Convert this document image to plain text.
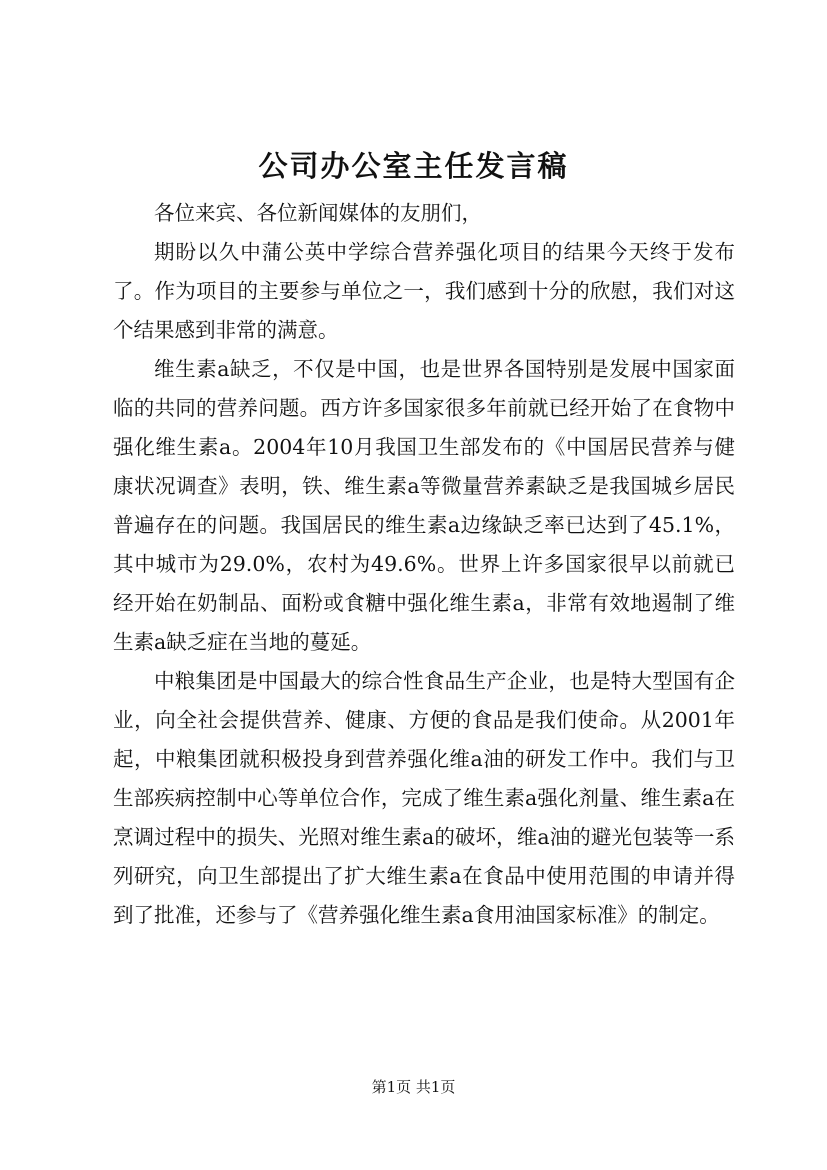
公司办公室主任发言稿

各位来宾、各位新闻媒体的友朋们，

期盼以久中蒲公英中学综合营养强化项目的结果今天终于发布了。作为项目的主要参与单位之一，我们感到十分的欣慰，我们对这个结果感到非常的满意。

维生素a缺乏，不仅是中国，也是世界各国特别是发展中国家面临的共同的营养问题。西方许多国家很多年前就已经开始了在食物中强化维生素a。2004年10月我国卫生部发布的《中国居民营养与健康状况调查》表明，铁、维生素a等微量营养素缺乏是我国城乡居民普遍存在的问题。我国居民的维生素a边缘缺乏率已达到了45.1%，其中城市为29.0%，农村为49.6%。世界上许多国家很早以前就已经开始在奶制品、面粉或食糖中强化维生素a，非常有效地遏制了维生素a缺乏症在当地的蔓延。

中粮集团是中国最大的综合性食品生产企业，也是特大型国有企业，向全社会提供营养、健康、方便的食品是我们使命。从2001年起，中粮集团就积极投身到营养强化维a油的研发工作中。我们与卫生部疾病控制中心等单位合作，完成了维生素a强化剂量、维生素a在烹调过程中的损失、光照对维生素a的破坏，维a油的避光包装等一系列研究，向卫生部提出了扩大维生素a在食品中使用范围的申请并得到了批准，还参与了《营养强化维生素a食用油国家标准》的制定。

第1页 共1页
